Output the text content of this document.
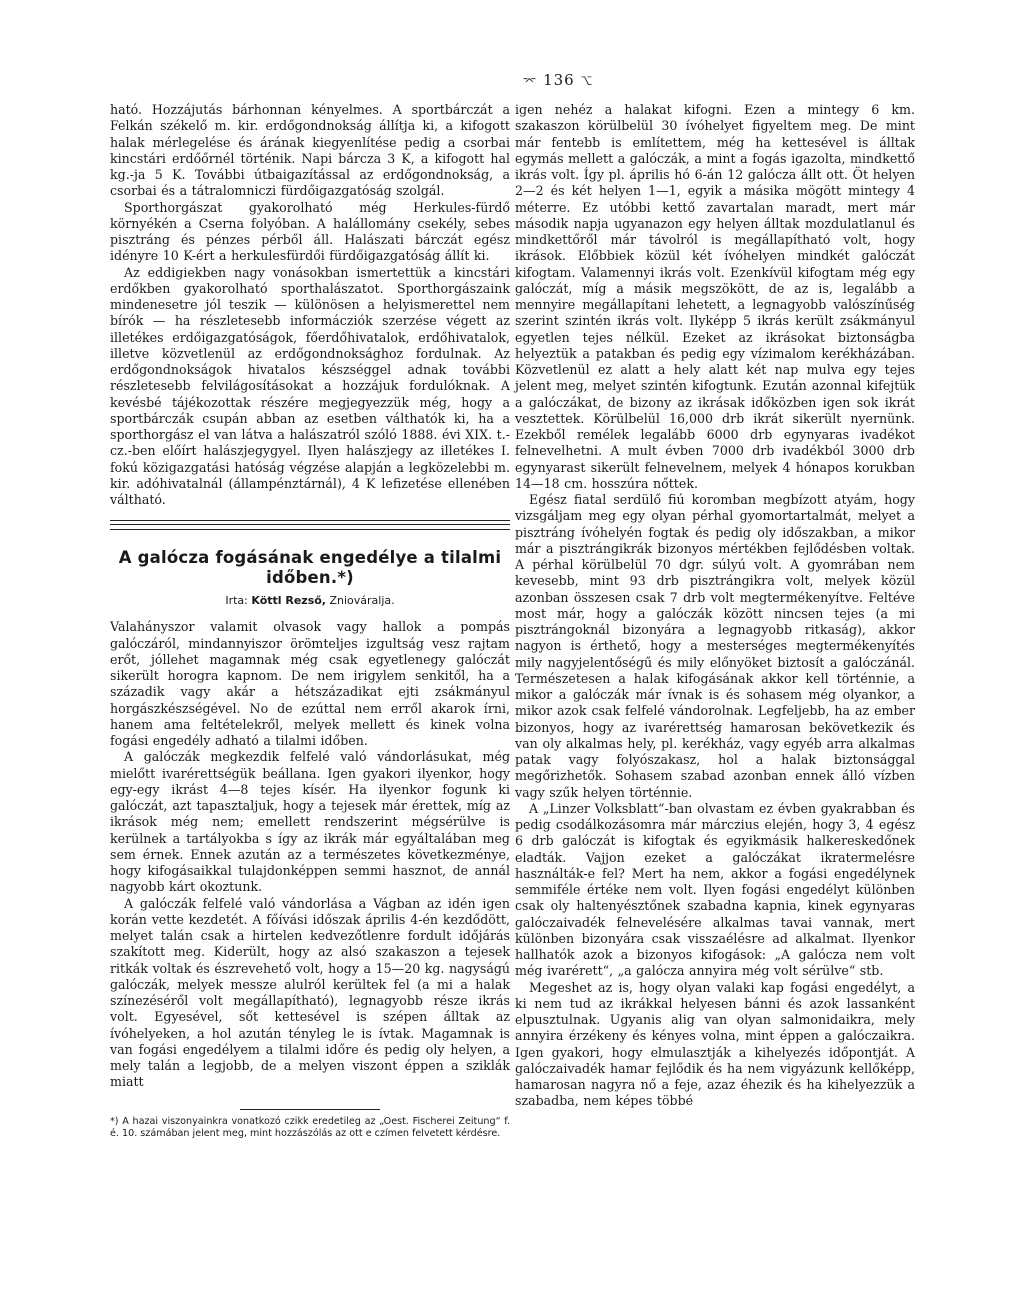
⌤ 136 ⌥

ható. Hozzájutás bárhonnan kényelmes. A sportbárczát a Felkán székelő m. kir. erdőgondnokság állítja ki, a kifogott halak mérlegelése és árának kiegyenlítése pedig a csorbai kincstári erdőőrnél történik. Napi bárcza 3 K, a kifogott hal kg.-ja 5 K. További útbaigazítással az erdőgondnokság, a csorbai és a tátralomniczi fürdőigazgatóság szolgál.

Sporthorgászat gyakorolható még Herkules-fürdő környékén a Cserna folyóban. A halállomány csekély, sebes pisztráng és pénzes pérből áll. Halászati bárczát egész idényre 10 K-ért a herkulesfürdői fürdőigazgatóság állít ki.

Az eddigiekben nagy vonásokban ismertettük a kincstári erdőkben gyakorolható sporthalászatot. Sporthorgászaink mindenesetre jól teszik — különösen a helyismerettel nem bírók — ha részletesebb informácziók szerzése végett az illetékes erdőigazgatóságok, főerdőhivatalok, erdőhivatalok, illetve közvetlenül az erdőgondnoksághoz fordulnak. Az erdőgondnokságok hivatalos készséggel adnak további részletesebb felvilágosításokat a hozzájuk fordulóknak. A kevésbé tájékozottak részére megjegyezzük még, hogy a sportbárczák csupán abban az esetben válthatók ki, ha a sporthorgász el van látva a halászatról szóló 1888. évi XIX. t.-cz.-ben előírt halászjegygyel. Ilyen halászjegy az illetékes I. fokú közigazgatási hatóság végzése alapján a legközelebbi m. kir. adóhivatalnál (állampénztárnál), 4 K lefizetése ellenében váltható.

A galócza fogásának engedélye a tilalmi időben.*)
Irta: Köttl Rezső, Zniováralja.

Valahányszor valamit olvasok vagy hallok a pompás galóczáról, mindannyiszor örömteljes izgultság vesz rajtam erőt, jóllehet magamnak még csak egyetlenegy galóczát sikerült horogra kapnom. De nem irigylem senkitől, ha a századik vagy akár a hétszázadikat ejti zsákmányul horgászkészségével. No de ezúttal nem erről akarok írni, hanem ama feltételekről, melyek mellett és kinek volna fogási engedély adható a tilalmi időben.

A galóczák megkezdik felfelé való vándorlásukat, még mielőtt ivarérettségük beállana. Igen gyakori ilyenkor, hogy egy-egy ikrást 4—8 tejes kísér. Ha ilyenkor fogunk ki galóczát, azt tapasztaljuk, hogy a tejesek már érettek, míg az ikrások még nem; emellett rendszerint mégsérülve is kerülnek a tartályokba s így az ikrák már egyáltalában meg sem érnek. Ennek azután az a természetes következménye, hogy kifogásaikkal tulajdonképpen semmi hasznot, de annál nagyobb kárt okoztunk.

A galóczák felfelé való vándorlása a Vágban az idén igen korán vette kezdetét. A főívási időszak április 4-én kezdődött, melyet talán csak a hirtelen kedvezőtlenre fordult időjárás szakított meg. Kiderült, hogy az alsó szakaszon a tejesek ritkák voltak és észrevehető volt, hogy a 15—20 kg. nagyságú galóczák, melyek messze alulról kerültek fel (a mi a halak színezéséről volt megállapítható), legnagyobb része ikrás volt. Egyesével, sőt kettesével is szépen álltak az ívóhelyeken, a hol azután tényleg le is ívtak. Magamnak is van fogási engedélyem a tilalmi időre és pedig oly helyen, a mely talán a legjobb, de a melyen viszont éppen a sziklák miatt

*) A hazai viszonyainkra vonatkozó czikk eredetileg az „Oest. Fischerei Zeitung“ f. é. 10. számában jelent meg, mint hozzászólás az ott e czímen felvetett kérdésre.

igen nehéz a halakat kifogni. Ezen a mintegy 6 km. szakaszon körülbelül 30 ívóhelyet figyeltem meg. De mint már fentebb is említettem, még ha kettesével is álltak egymás mellett a galóczák, a mint a fogás igazolta, mindkettő ikrás volt. Így pl. április hó 6-án 12 galócza állt ott. Öt helyen 2—2 és két helyen 1—1, egyik a másika mögött mintegy 4 méterre. Ez utóbbi kettő zavartalan maradt, mert már második napja ugyanazon egy helyen álltak mozdulatlanul és mindkettőről már távolról is megállapítható volt, hogy ikrások. Előbbiek közül két ívóhelyen mindkét galóczát kifogtam. Valamennyi ikrás volt. Ezenkívül kifogtam még egy galóczát, míg a másik megszökött, de az is, legalább a mennyire megállapítani lehetett, a legnagyobb valószínűség szerint szintén ikrás volt. Ilyképp 5 ikrás került zsákmányul egyetlen tejes nélkül. Ezeket az ikrásokat biztonságba helyeztük a patakban és pedig egy vízimalom kerékházában. Közvetlenül ez alatt a hely alatt két nap mulva egy tejes jelent meg, melyet szintén kifogtunk. Ezután azonnal kifejtük a galóczákat, de bizony az ikrásak időközben igen sok ikrát vesztettek. Körülbelül 16,000 drb ikrát sikerült nyernünk. Ezekből remélek legalább 6000 drb egynyaras ivadékot felnevelhetni. A mult évben 7000 drb ivadékból 3000 drb egynyarast sikerült felnevelnem, melyek 4 hónapos korukban 14—18 cm. hosszúra nőttek.

Egész fiatal serdülő fiú koromban megbízott atyám, hogy vizsgáljam meg egy olyan pérhal gyomortartalmát, melyet a pisztráng ívóhelyén fogtak és pedig oly időszakban, a mikor már a pisztrángikrák bizonyos mértékben fejlődésben voltak. A pérhal körülbelül 70 dgr. súlyú volt. A gyomrában nem kevesebb, mint 93 drb pisztrángikra volt, melyek közül azonban összesen csak 7 drb volt megtermékenyítve. Feltéve most már, hogy a galóczák között nincsen tejes (a mi pisztrángoknál bizonyára a legnagyobb ritkaság), akkor nagyon is érthető, hogy a mesterséges megtermékenyítés mily nagyjelentőségű és mily előnyöket biztosít a galóczánál. Természetesen a halak kifogásának akkor kell történnie, a mikor a galóczák már ívnak is és sohasem még olyankor, a mikor azok csak felfelé vándorolnak. Legfeljebb, ha az ember bizonyos, hogy az ivarérettség hamarosan bekövetkezik és van oly alkalmas hely, pl. kerékház, vagy egyéb arra alkalmas patak vagy folyószakasz, hol a halak biztonsággal megőrizhetők. Sohasem szabad azonban ennek álló vízben vagy szűk helyen történnie.

A „Linzer Volksblatt“-ban olvastam ez évben gyakrabban és pedig csodálkozásomra már márczius elején, hogy 3, 4 egész 6 drb galóczát is kifogtak és egyikmásik halkereskedőnek eladták. Vajjon ezeket a galóczákat ikratermelésre használták-e fel? Mert ha nem, akkor a fogási engedélynek semmiféle értéke nem volt. Ilyen fogási engedélyt különben csak oly haltenyésztőnek szabadna kapnia, kinek egynyaras galóczaivadék felnevelésére alkalmas tavai vannak, mert különben bizonyára csak visszaélésre ad alkalmat. Ilyenkor hallhatók azok a bizonyos kifogások: „A galócza nem volt még ivarérett“, „a galócza annyira még volt sérülve“ stb.

Megeshet az is, hogy olyan valaki kap fogási engedélyt, a ki nem tud az ikrákkal helyesen bánni és azok lassanként elpusztulnak. Ugyanis alig van olyan salmonidaikra, mely annyira érzékeny és kényes volna, mint éppen a galóczaikra. Igen gyakori, hogy elmulasztják a kihelyezés időpontját. A galóczaivadék hamar fejlődik és ha nem vigyázunk kellőképp, hamarosan nagyra nő a feje, azaz éhezik és ha kihelyezzük a szabadba, nem képes többé
